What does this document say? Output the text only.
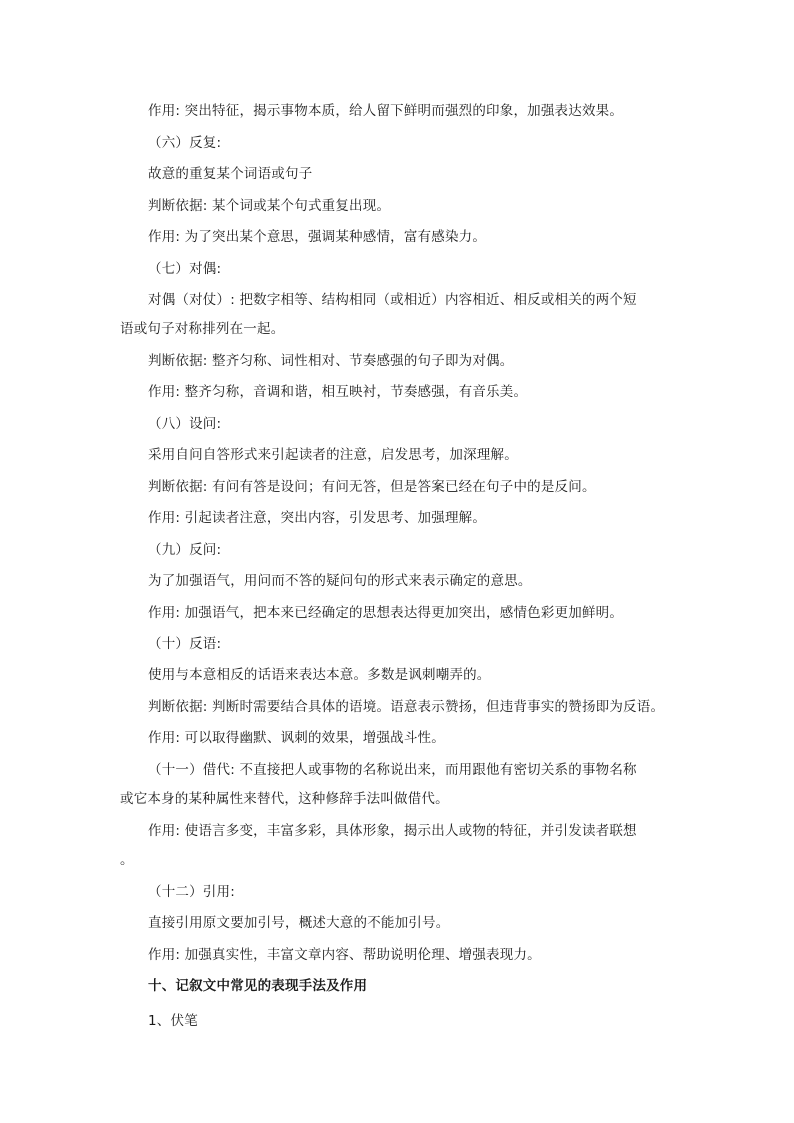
作用: 突出特征，揭示事物本质，给人留下鲜明而强烈的印象，加强表达效果。
（六）反复:
故意的重复某个词语或句子
判断依据: 某个词或某个句式重复出现。
作用: 为了突出某个意思，强调某种感情，富有感染力。
（七）对偶:
对偶（对仗）: 把数字相等、结构相同（或相近）内容相近、相反或相关的两个短
语或句子对称排列在一起。
判断依据: 整齐匀称、词性相对、节奏感强的句子即为对偶。
作用: 整齐匀称，音调和谐，相互映衬，节奏感强，有音乐美。
（八）设问:
采用自问自答形式来引起读者的注意，启发思考，加深理解。
判断依据: 有问有答是设问；有问无答，但是答案已经在句子中的是反问。
作用: 引起读者注意，突出内容，引发思考、加强理解。
（九）反问:
为了加强语气，用问而不答的疑问句的形式来表示确定的意思。
作用: 加强语气，把本来已经确定的思想表达得更加突出，感情色彩更加鲜明。
（十）反语:
使用与本意相反的话语来表达本意。多数是讽刺嘲弄的。
判断依据: 判断时需要结合具体的语境。语意表示赞扬，但违背事实的赞扬即为反语。
作用: 可以取得幽默、讽刺的效果，增强战斗性。
（十一）借代: 不直接把人或事物的名称说出来，而用跟他有密切关系的事物名称
或它本身的某种属性来替代，这种修辞手法叫做借代。
作用: 使语言多变，丰富多彩，具体形象，揭示出人或物的特征，并引发读者联想
。
（十二）引用:
直接引用原文要加引号，概述大意的不能加引号。
作用: 加强真实性，丰富文章内容、帮助说明伦理、增强表现力。
十、记叙文中常见的表现手法及作用
1、伏笔
